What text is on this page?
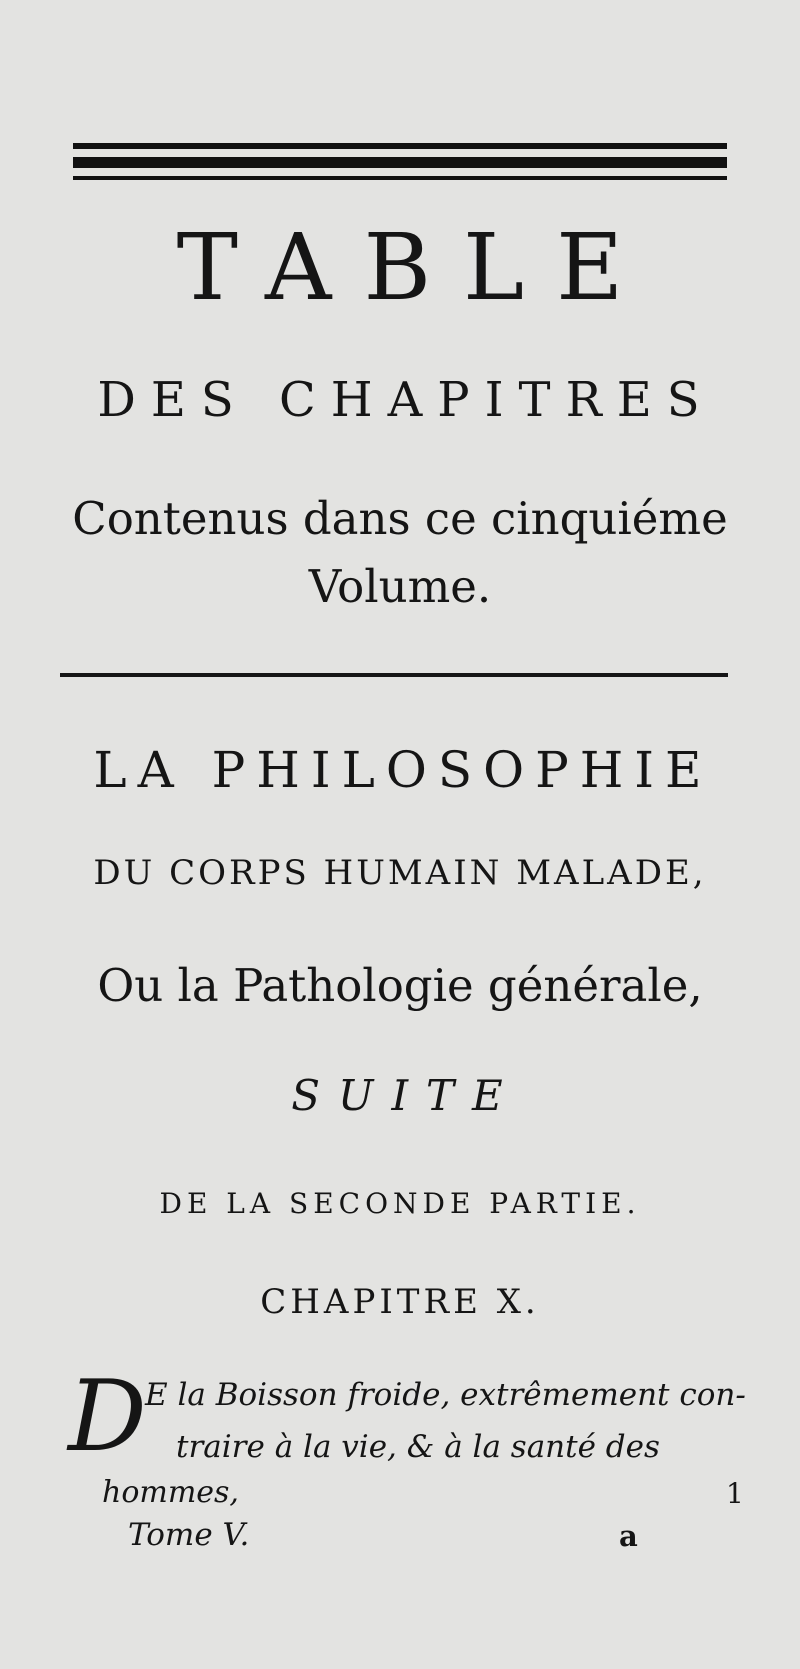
TABLE
DES CHAPITRES
Contenus dans ce cinquiéme
Volume.
LA PHILOSOPHIE
DU CORPS HUMAIN MALADE,
Ou la Pathologie générale,
SUITE
DE LA SECONDE PARTIE.
CHAPITRE X.
D
E la Boisson froide, extrêmement con-
traire à la vie, & à la santé des
hommes,	1
Tome V.	a
